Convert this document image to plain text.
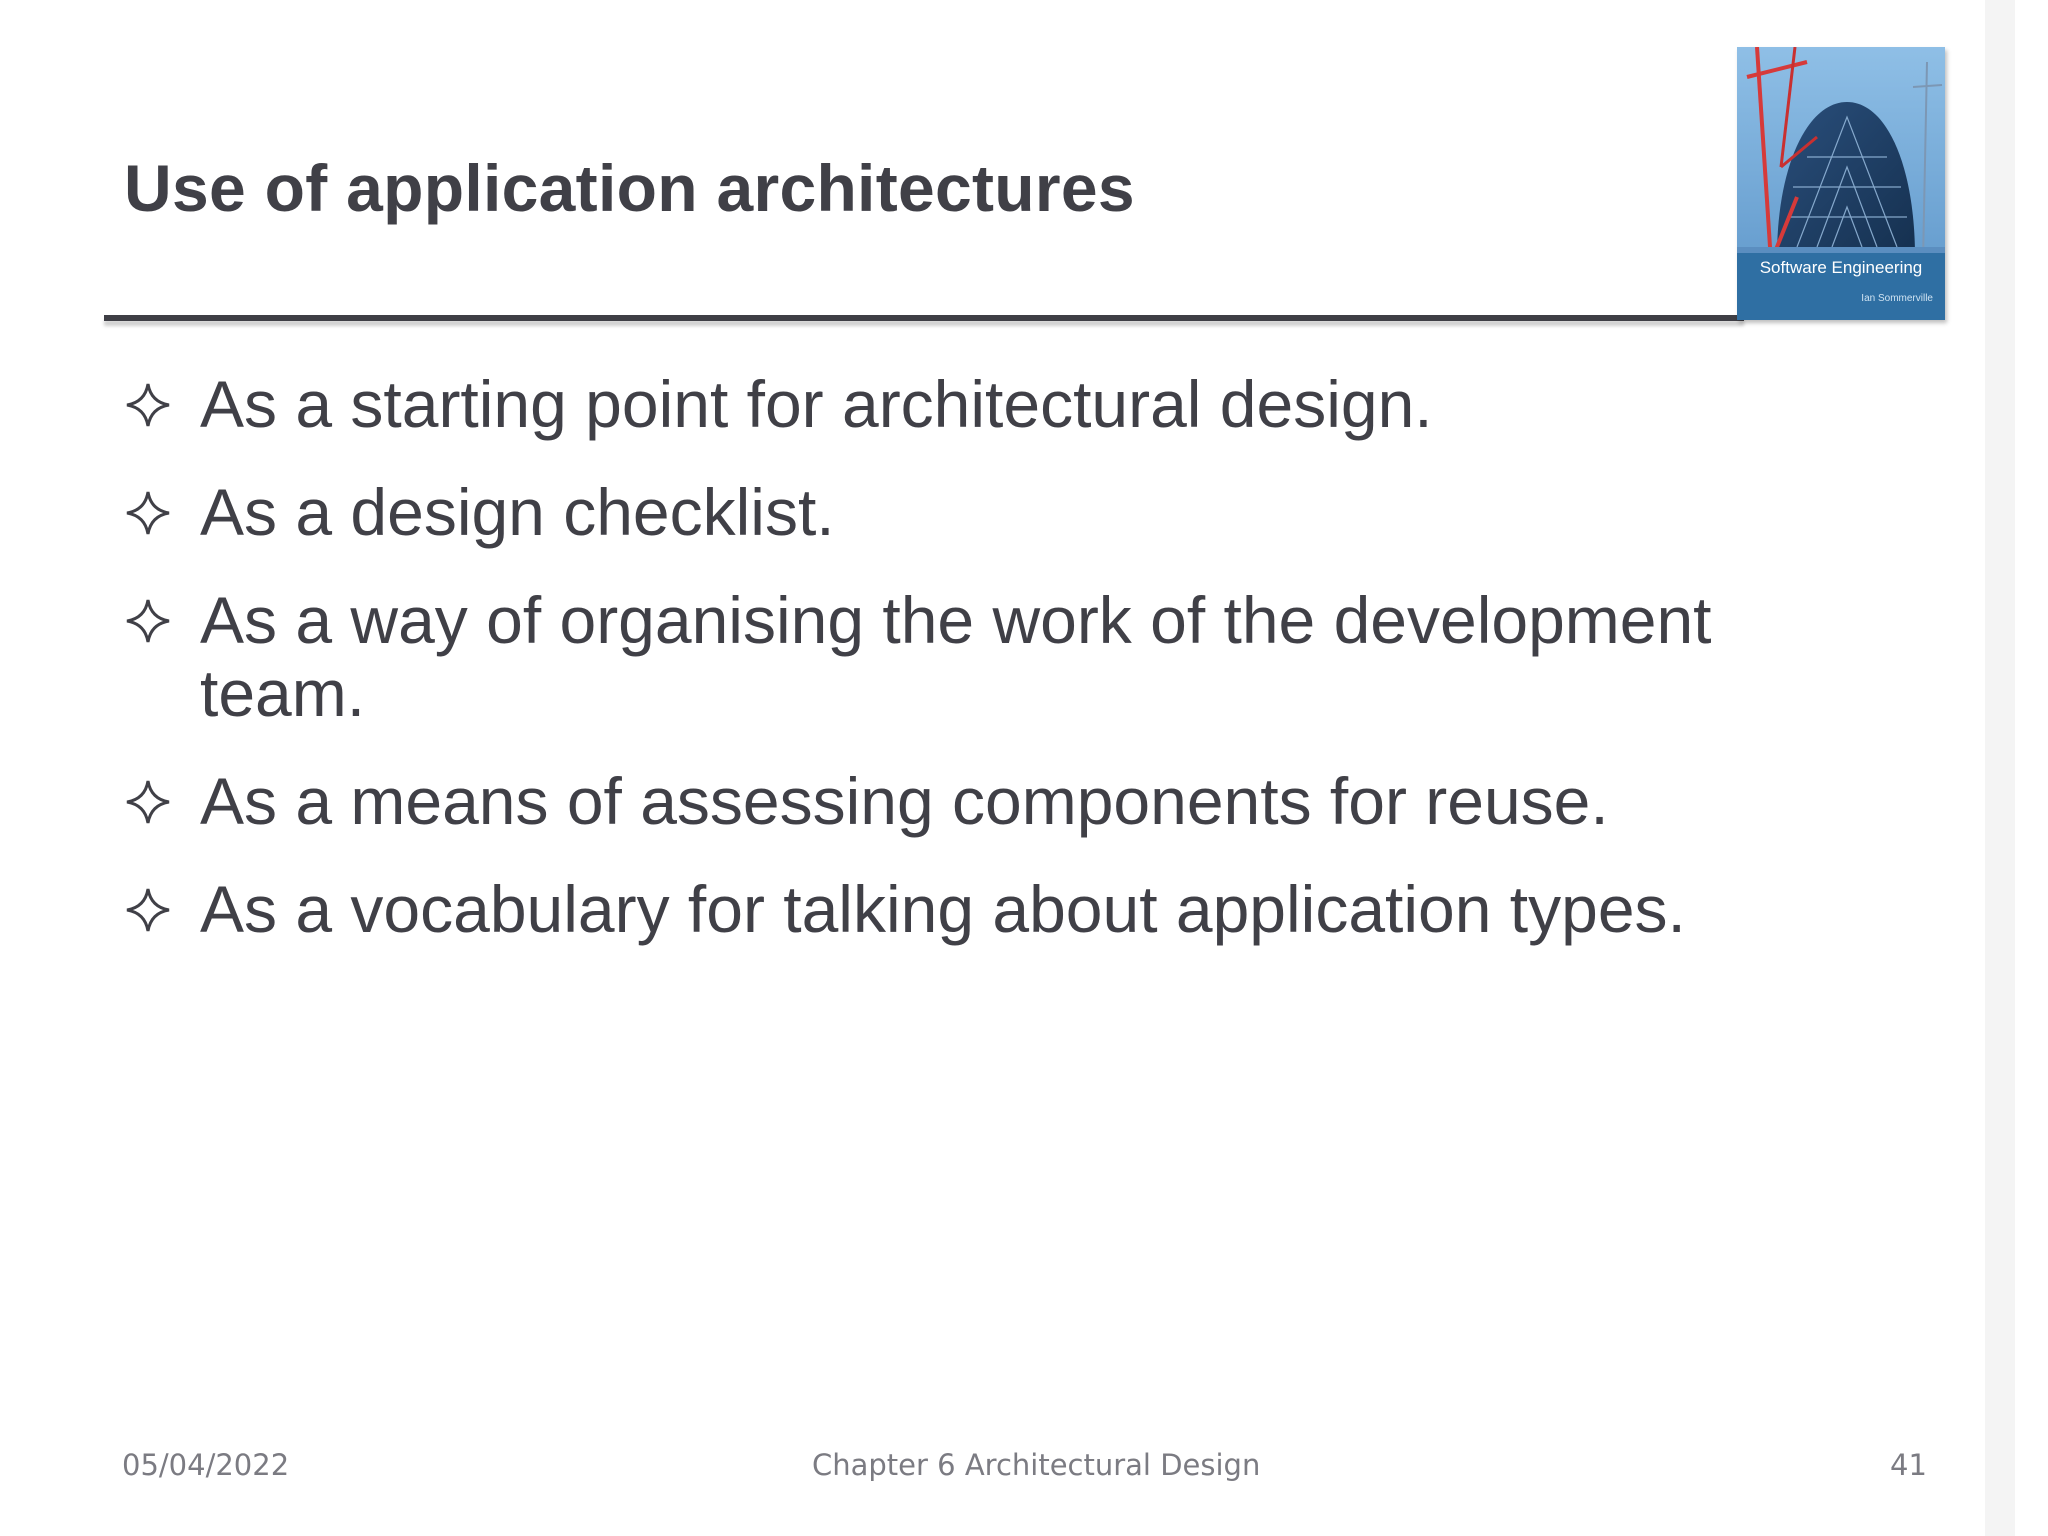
Use of application architectures
Software Engineering
Ian Sommerville
As a starting point for architectural design.
As a design checklist.
As a way of organising the work of the development team.
As a means of assessing components for reuse.
As a vocabulary for talking about application types.
05/04/2022	Chapter 6 Architectural Design	41
